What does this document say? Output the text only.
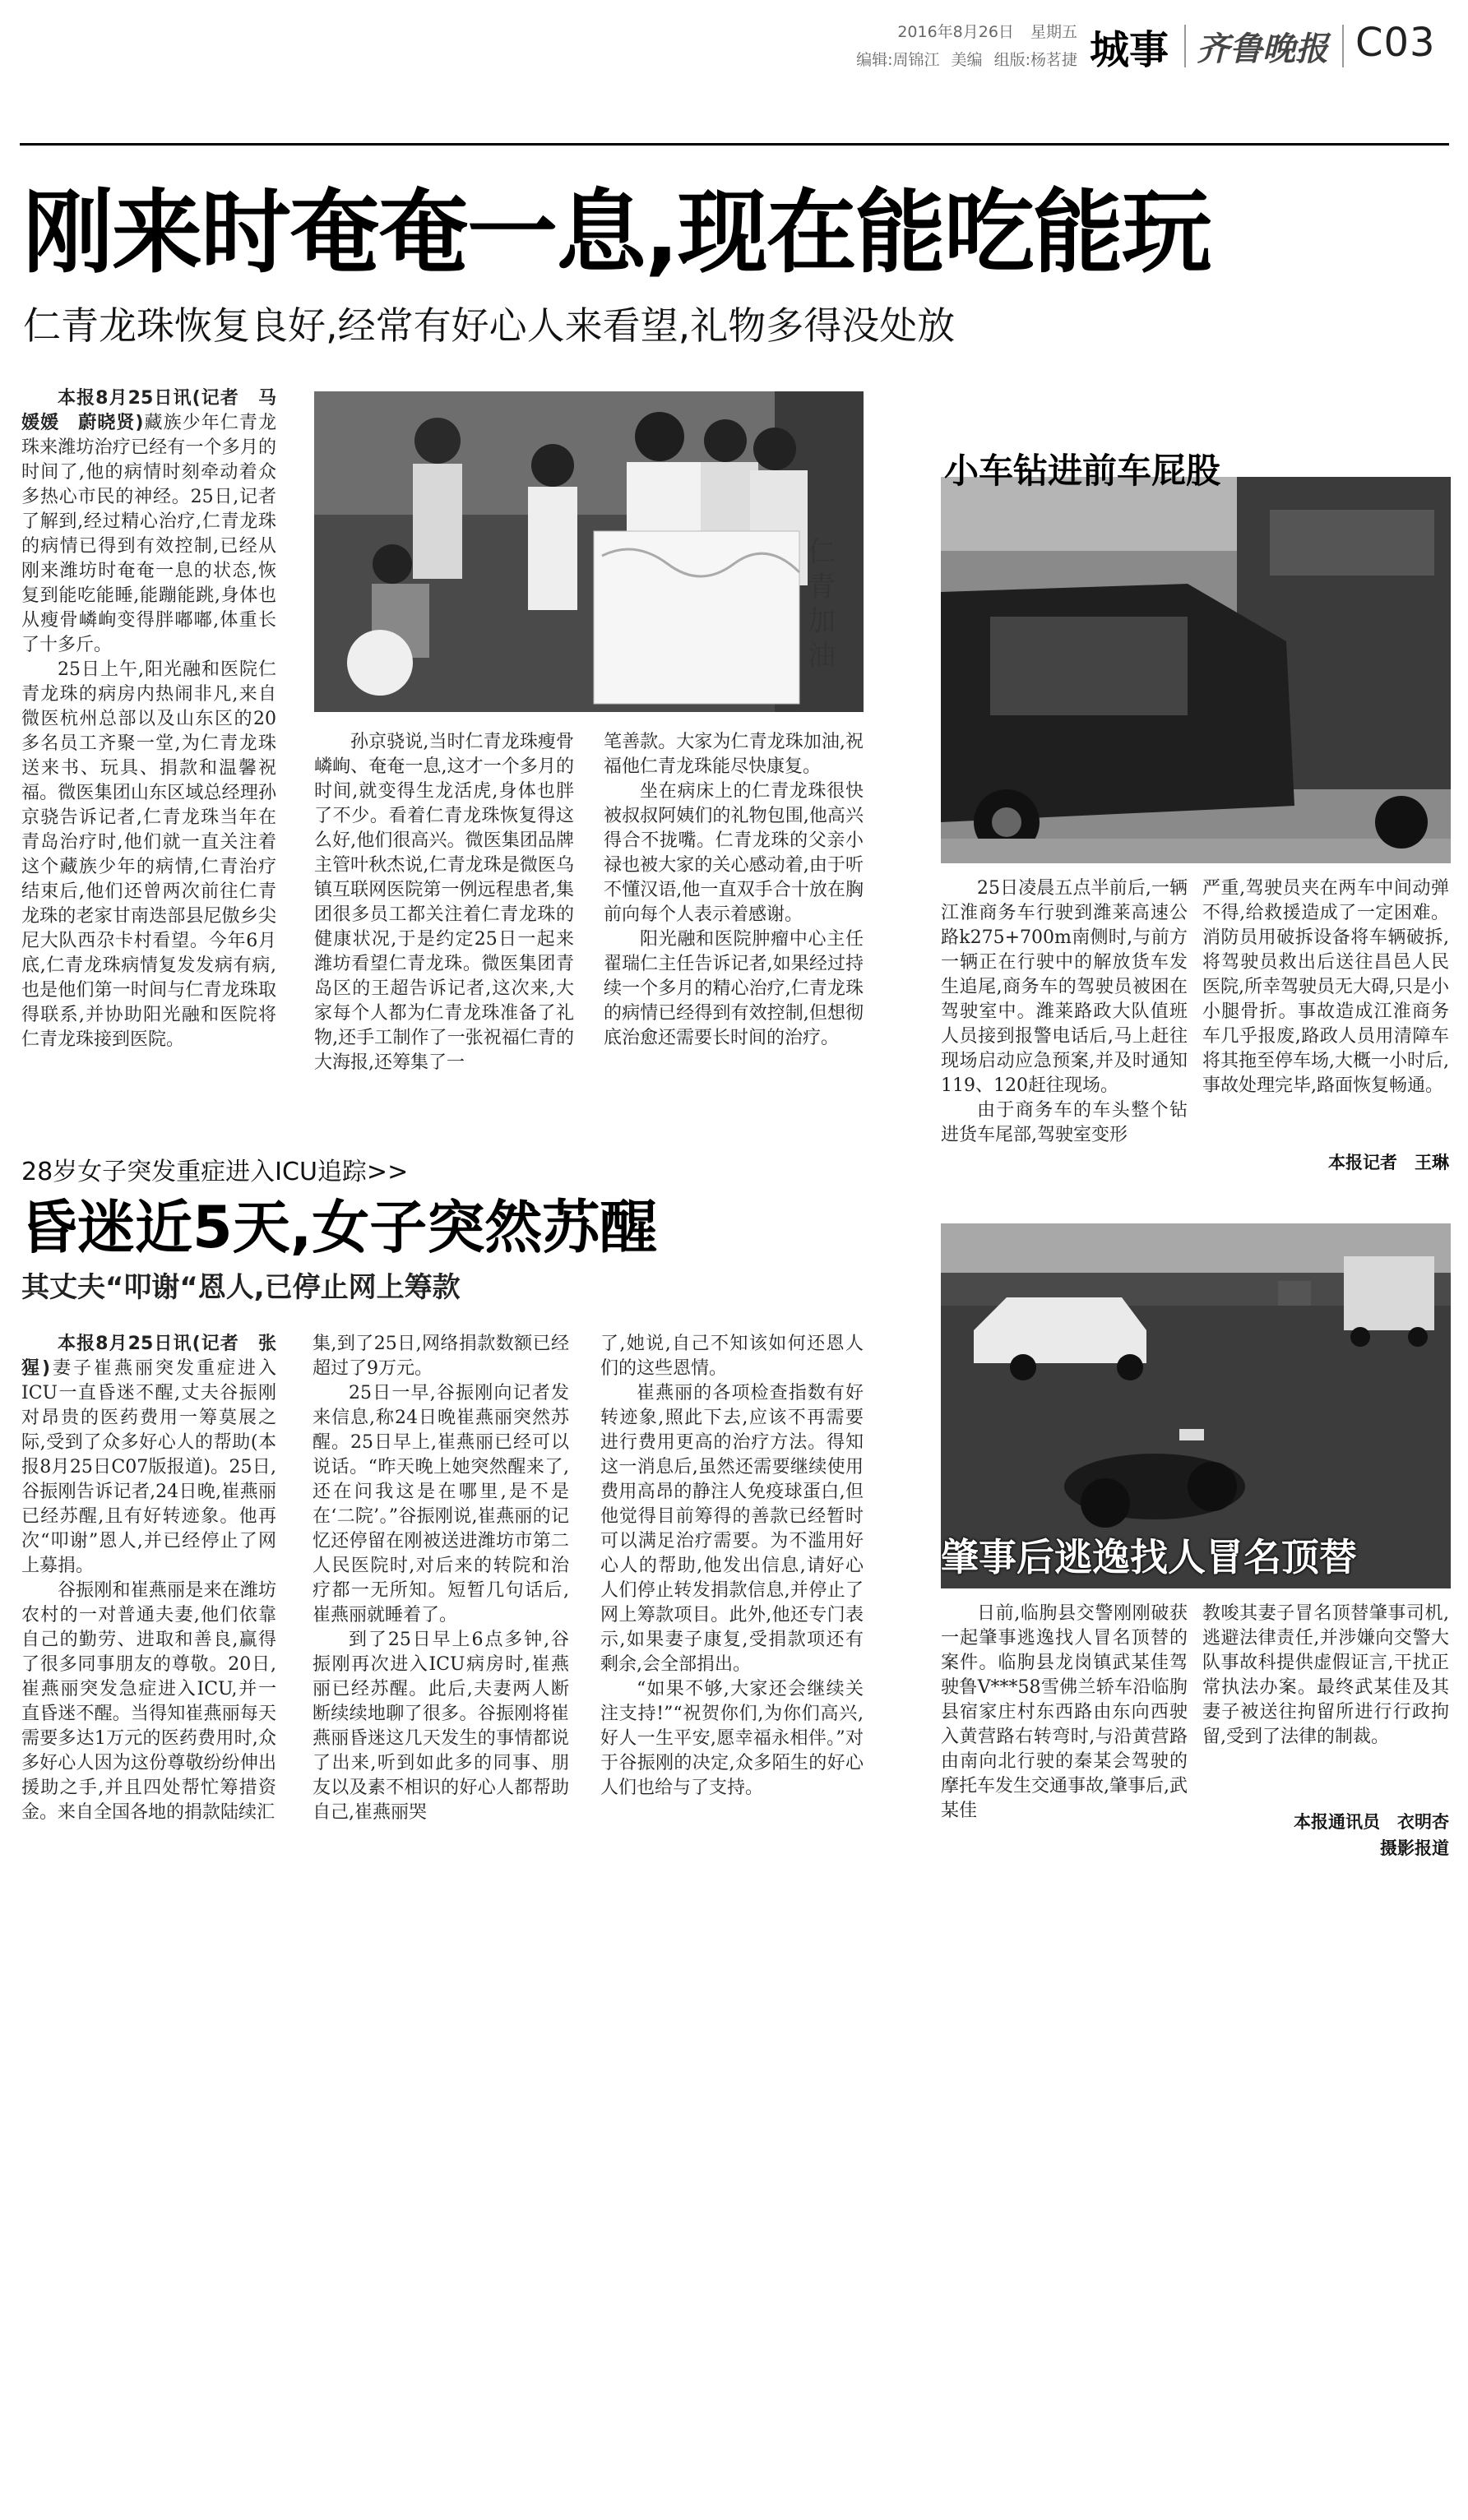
2016年8月26日 星期五
编辑:周锦江 美编 组版:杨茗捷 城事 齐鲁晚报 C03
刚来时奄奄一息,现在能吃能玩
仁青龙珠恢复良好,经常有好心人来看望,礼物多得没处放

本报8月25日讯(记者　马媛媛　蔚晓贤)藏族少年仁青龙珠来潍坊治疗已经有一个多月的时间了,他的病情时刻牵动着众多热心市民的神经。25日,记者了解到,经过精心治疗,仁青龙珠的病情已得到有效控制,已经从刚来潍坊时奄奄一息的状态,恢复到能吃能睡,能蹦能跳,身体也从瘦骨嶙峋变得胖嘟嘟,体重长了十多斤。

25日上午,阳光融和医院仁青龙珠的病房内热闹非凡,来自微医杭州总部以及山东区的20多名员工齐聚一堂,为仁青龙珠送来书、玩具、捐款和温馨祝福。微医集团山东区域总经理孙京骁告诉记者,仁青龙珠当年在青岛治疗时,他们就一直关注着这个藏族少年的病情,仁青治疗结束后,他们还曾两次前往仁青龙珠的老家甘南迭部县尼傲乡尖尼大队西尕卡村看望。今年6月底,仁青龙珠病情复发发病有病,也是他们第一时间与仁青龙珠取得联系,并协助阳光融和医院将仁青龙珠接到医院。

仁青加油

孙京骁说,当时仁青龙珠瘦骨嶙峋、奄奄一息,这才一个多月的时间,就变得生龙活虎,身体也胖了不少。看着仁青龙珠恢复得这么好,他们很高兴。微医集团品牌主管叶秋杰说,仁青龙珠是微医乌镇互联网医院第一例远程患者,集团很多员工都关注着仁青龙珠的健康状况,于是约定25日一起来潍坊看望仁青龙珠。微医集团青岛区的王超告诉记者,这次来,大家每个人都为仁青龙珠准备了礼物,还手工制作了一张祝福仁青的大海报,还筹集了一

笔善款。大家为仁青龙珠加油,祝福他仁青龙珠能尽快康复。

坐在病床上的仁青龙珠很快被叔叔阿姨们的礼物包围,他高兴得合不拢嘴。仁青龙珠的父亲小禄也被大家的关心感动着,由于听不懂汉语,他一直双手合十放在胸前向每个人表示着感谢。

阳光融和医院肿瘤中心主任翟瑞仁主任告诉记者,如果经过持续一个多月的精心治疗,仁青龙珠的病情已经得到有效控制,但想彻底治愈还需要长时间的治疗。

小车钻进前车屁股

25日凌晨五点半前后,一辆江淮商务车行驶到潍莱高速公路k275+700m南侧时,与前方一辆正在行驶中的解放货车发生追尾,商务车的驾驶员被困在驾驶室中。潍莱路政大队值班人员接到报警电话后,马上赶往现场启动应急预案,并及时通知119、120赶往现场。

由于商务车的车头整个钻进货车尾部,驾驶室变形

严重,驾驶员夹在两车中间动弹不得,给救援造成了一定困难。消防员用破拆设备将车辆破拆,将驾驶员救出后送往昌邑人民医院,所幸驾驶员无大碍,只是小小腿骨折。事故造成江淮商务车几乎报废,路政人员用清障车将其拖至停车场,大概一小时后,事故处理完毕,路面恢复畅通。

本报记者　王琳
28岁女子突发重症进入ICU追踪>>
昏迷近5天,女子突然苏醒
其丈夫“叩谢“恩人,已停止网上筹款

本报8月25日讯(记者　张猩)妻子崔燕丽突发重症进入ICU一直昏迷不醒,丈夫谷振刚对昂贵的医药费用一筹莫展之际,受到了众多好心人的帮助(本报8月25日C07版报道)。25日,谷振刚告诉记者,24日晚,崔燕丽已经苏醒,且有好转迹象。他再次“叩谢”恩人,并已经停止了网上募捐。

谷振刚和崔燕丽是来在潍坊农村的一对普通夫妻,他们依靠自己的勤劳、进取和善良,赢得了很多同事朋友的尊敬。20日,崔燕丽突发急症进入ICU,并一直昏迷不醒。当得知崔燕丽每天需要多达1万元的医药费用时,众多好心人因为这份尊敬纷纷伸出援助之手,并且四处帮忙筹措资金。来自全国各地的捐款陆续汇

集,到了25日,网络捐款数额已经超过了9万元。

25日一早,谷振刚向记者发来信息,称24日晚崔燕丽突然苏醒。25日早上,崔燕丽已经可以说话。“昨天晚上她突然醒来了,还在问我这是在哪里,是不是在‘二院’。”谷振刚说,崔燕丽的记忆还停留在刚被送进潍坊市第二人民医院时,对后来的转院和治疗都一无所知。短暂几句话后,崔燕丽就睡着了。

到了25日早上6点多钟,谷振刚再次进入ICU病房时,崔燕丽已经苏醒。此后,夫妻两人断断续续地聊了很多。谷振刚将崔燕丽昏迷这几天发生的事情都说了出来,听到如此多的同事、朋友以及素不相识的好心人都帮助自己,崔燕丽哭

了,她说,自己不知该如何还恩人们的这些恩情。

崔燕丽的各项检查指数有好转迹象,照此下去,应该不再需要进行费用更高的治疗方法。得知这一消息后,虽然还需要继续使用费用高昂的静注人免疫球蛋白,但他觉得目前筹得的善款已经暂时可以满足治疗需要。为不滥用好心人的帮助,他发出信息,请好心人们停止转发捐款信息,并停止了网上筹款项目。此外,他还专门表示,如果妻子康复,受捐款项还有剩余,会全部捐出。

“如果不够,大家还会继续关注支持!”“祝贺你们,为你们高兴,好人一生平安,愿幸福永相伴。”对于谷振刚的决定,众多陌生的好心人们也给与了支持。

肇事后逃逸找人冒名顶替

日前,临朐县交警刚刚破获一起肇事逃逸找人冒名顶替的案件。临朐县龙岗镇武某佳驾驶鲁V***58雪佛兰轿车沿临朐县宿家庄村东西路由东向西驶入黄营路右转弯时,与沿黄营路由南向北行驶的秦某会驾驶的摩托车发生交通事故,肇事后,武某佳

教唆其妻子冒名顶替肇事司机,逃避法律责任,并涉嫌向交警大队事故科提供虚假证言,干扰正常执法办案。最终武某佳及其妻子被送往拘留所进行行政拘留,受到了法律的制裁。

本报通讯员　衣明杏
摄影报道
